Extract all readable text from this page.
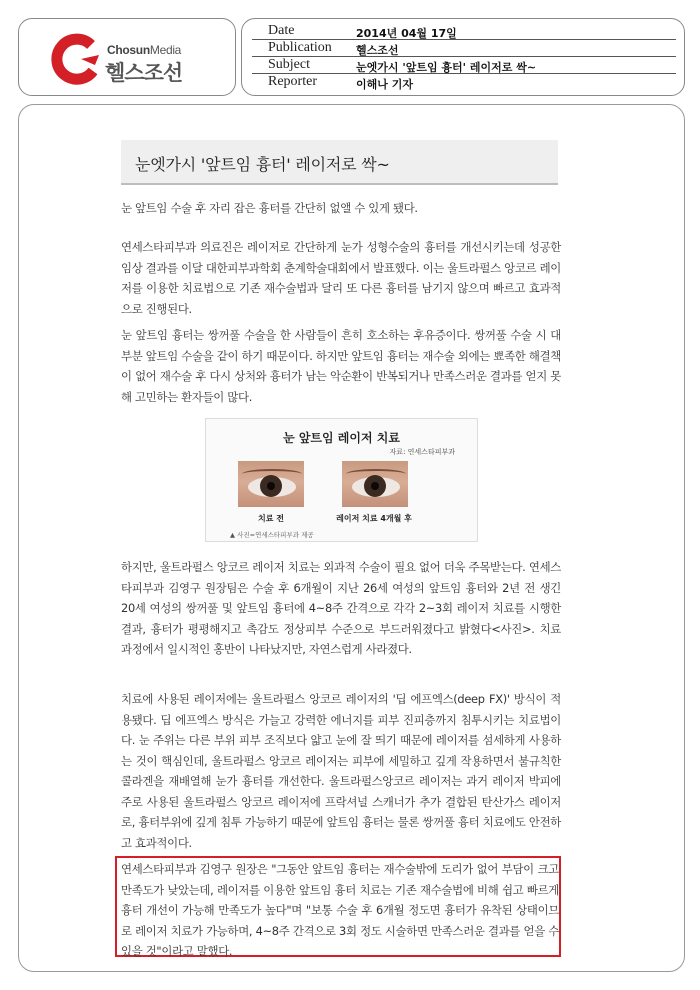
ChosunMedia
헬스조선
Date	2014년 04월 17일
Publication 헬스조선
Subject	눈엣가시 '앞트임 흉터' 레이저로 싹~
Reporter	이해나 기자
눈엣가시 '앞트임 흉터' 레이저로 싹~
눈 앞트임 수술 후 자리 잡은 흉터를 간단히 없앨 수 있게 됐다.
연세스타피부과 의료진은 레이저로 간단하게 눈가 성형수술의 흉터를 개선시키는데 성공한 임상 결과를 이달 대한피부과학회 춘계학술대회에서 발표했다. 이는 울트라펄스 앙코르 레이저를 이용한 치료법으로 기존 재수술법과 달리 또 다른 흉터를 남기지 않으며 빠르고 효과적으로 진행된다.
눈 앞트임 흉터는 쌍꺼풀 수술을 한 사람들이 흔히 호소하는 후유증이다. 쌍꺼풀 수술 시 대부분 앞트임 수술을 같이 하기 때문이다. 하지만 앞트임 흉터는 재수술 외에는 뾰족한 해결책이 없어 재수술 후 다시 상처와 흉터가 남는 악순환이 반복되거나 만족스러운 결과를 얻지 못해 고민하는 환자들이 많다.
눈 앞트임 레이저 치료
자료: 연세스타피부과
치료 전	레이저 치료 4개월 후
▲ 사진=연세스타피부과 제공
하지만, 울트라펄스 앙코르 레이저 치료는 외과적 수술이 필요 없어 더욱 주목받는다. 연세스타피부과 김영구 원장팀은 수술 후 6개월이 지난 26세 여성의 앞트임 흉터와 2년 전 생긴 20세 여성의 쌍꺼풀 및 앞트임 흉터에 4~8주 간격으로 각각 2~3회 레이저 치료를 시행한 결과, 흉터가 평평해지고 촉감도 정상피부 수준으로 부드러워졌다고 밝혔다<사진>. 치료 과정에서 일시적인 홍반이 나타났지만, 자연스럽게 사라졌다.
치료에 사용된 레이저에는 울트라펄스 앙코르 레이저의 '딥 에프엑스(deep FX)' 방식이 적용됐다. 딥 에프엑스 방식은 가늘고 강력한 에너지를 피부 진피층까지 침투시키는 치료법이다. 눈 주위는 다른 부위 피부 조직보다 얇고 눈에 잘 띄기 때문에 레이저를 섬세하게 사용하는 것이 핵심인데, 울트라펄스 앙코르 레이저는 피부에 세밀하고 깊게 작용하면서 불규칙한 콜라겐을 재배열해 눈가 흉터를 개선한다. 울트라펄스앙코르 레이저는 과거 레이저 박피에 주로 사용된 울트라펄스 앙코르 레이저에 프락셔널 스캐너가 추가 결합된 탄산가스 레이저로, 흉터부위에 깊게 침투 가능하기 때문에 앞트임 흉터는 물론 쌍꺼풀 흉터 치료에도 안전하고 효과적이다.
연세스타피부과 김영구 원장은 "그동안 앞트임 흉터는 재수술밖에 도리가 없어 부담이 크고 만족도가 낮았는데, 레이저를 이용한 앞트임 흉터 치료는 기존 재수술법에 비해 쉽고 빠르게 흉터 개선이 가능해 만족도가 높다"며 "보통 수술 후 6개월 정도면 흉터가 유착된 상태이므로 레이저 치료가 가능하며, 4~8주 간격으로 3회 정도 시술하면 만족스러운 결과를 얻을 수 있을 것"이라고 말했다.
